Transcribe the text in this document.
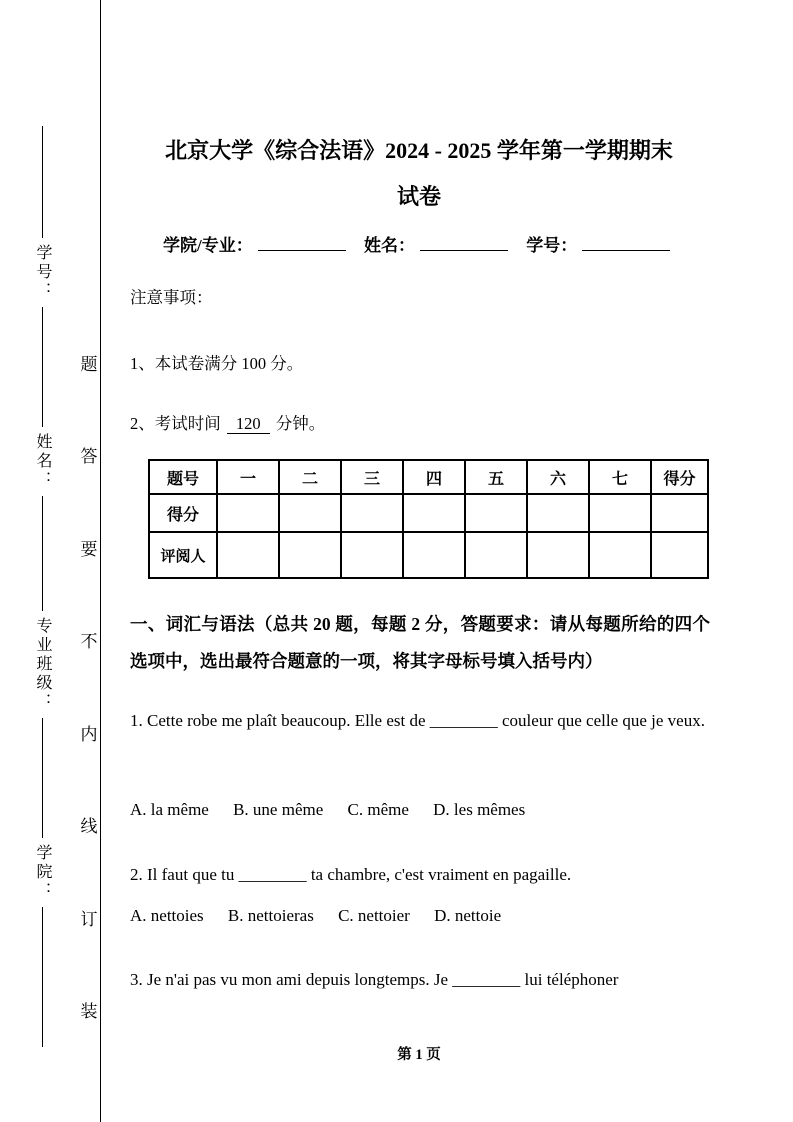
学号：
姓名：
专业班级：
学院：
题
答
要
不
内
线
订
装
北京大学《综合法语》2024 - 2025 学年第一学期期末
试卷
学院/专业：	姓名：	学号：
注意事项：
1、本试卷满分 100 分。
2、考试时间 120 分钟。
题号	一	二	三	四	五	六	七	得分
得分								
评阅人								
一、词汇与语法（总共 20 题，每题 2 分，答题要求：请从每题所给的四个选项中，选出最符合题意的一项，将其字母标号填入括号内）
1. Cette robe me plaît beaucoup. Elle est de ________ couleur que celle que je veux.
A. la même B. une même C. même D. les mêmes
2. Il faut que tu ________ ta chambre, c'est vraiment en pagaille.
A. nettoies B. nettoieras C. nettoier D. nettoie
3. Je n'ai pas vu mon ami depuis longtemps. Je ________ lui téléphoner
第 1 页
